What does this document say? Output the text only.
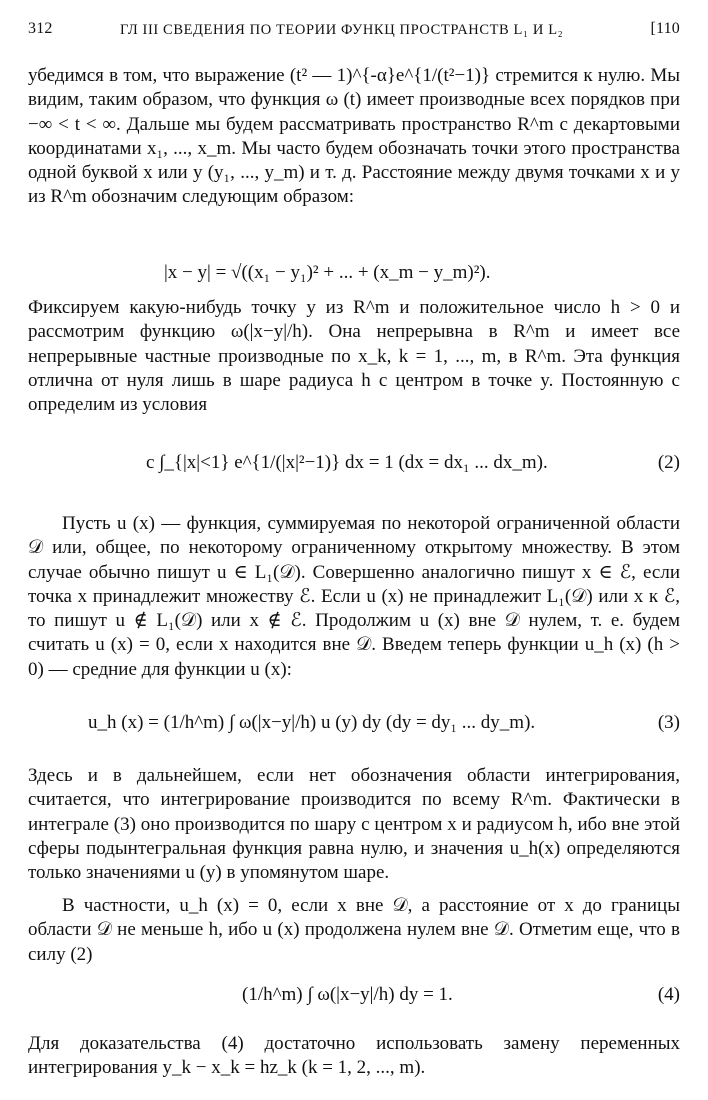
312	ГЛ III СВЕДЕНИЯ ПО ТЕОРИИ ФУНКЦ ПРОСТРАНСТВ L₁ И L₂	[110
убедимся в том, что выражение (t² — 1)^{-α}e^{1/(t²−1)} стремится к нулю. Мы видим, таким образом, что функция ω (t) имеет производные всех порядков при −∞ < t < ∞. Дальше мы будем рассматривать пространство R^m с декартовыми координатами x₁, ..., x_m. Мы часто будем обозначать точки этого пространства одной буквой x или y (y₁, ..., y_m) и т. д. Расстояние между двумя точками x и y из R^m обозначим следующим образом:
|x − y| = √((x₁ − y₁)² + ... + (x_m − y_m)²).
Фиксируем какую-нибудь точку y из R^m и положительное число h > 0 и рассмотрим функцию ω(|x−y|/h). Она непрерывна в R^m и имеет все непрерывные частные производные по x_k, k = 1, ..., m, в R^m. Эта функция отлична от нуля лишь в шаре радиуса h с центром в точке y. Постоянную c определим из условия
c ∫_{|x|<1} e^{1/(|x|²−1)} dx = 1 (dx = dx₁ ... dx_m).	(2)
Пусть u (x) — функция, суммируемая по некоторой ограниченной области 𝒟 или, общее, по некоторому ограниченному открытому множеству. В этом случае обычно пишут u ∈ L₁(𝒟). Совершенно аналогично пишут x ∈ ℰ, если точка x принадлежит множеству ℰ. Если u (x) не принадлежит L₁(𝒟) или x к ℰ, то пишут u ∉ L₁(𝒟) или x ∉ ℰ. Продолжим u (x) вне 𝒟 нулем, т. е. будем считать u (x) = 0, если x находится вне 𝒟. Введем теперь функции u_h (x) (h > 0) — средние для функции u (x):
u_h (x) = (1/h^m) ∫ ω(|x−y|/h) u (y) dy (dy = dy₁ ... dy_m).	(3)
Здесь и в дальнейшем, если нет обозначения области интегрирования, считается, что интегрирование производится по всему R^m. Фактически в интеграле (3) оно производится по шару с центром x и радиусом h, ибо вне этой сферы подынтегральная функция равна нулю, и значения u_h(x) определяются только значениями u (y) в упомянутом шаре.
В частности, u_h (x) = 0, если x вне 𝒟, а расстояние от x до границы области 𝒟 не меньше h, ибо u (x) продолжена нулем вне 𝒟. Отметим еще, что в силу (2)
(1/h^m) ∫ ω(|x−y|/h) dy = 1.	(4)
Для доказательства (4) достаточно использовать замену переменных интегрирования y_k − x_k = hz_k (k = 1, 2, ..., m).
